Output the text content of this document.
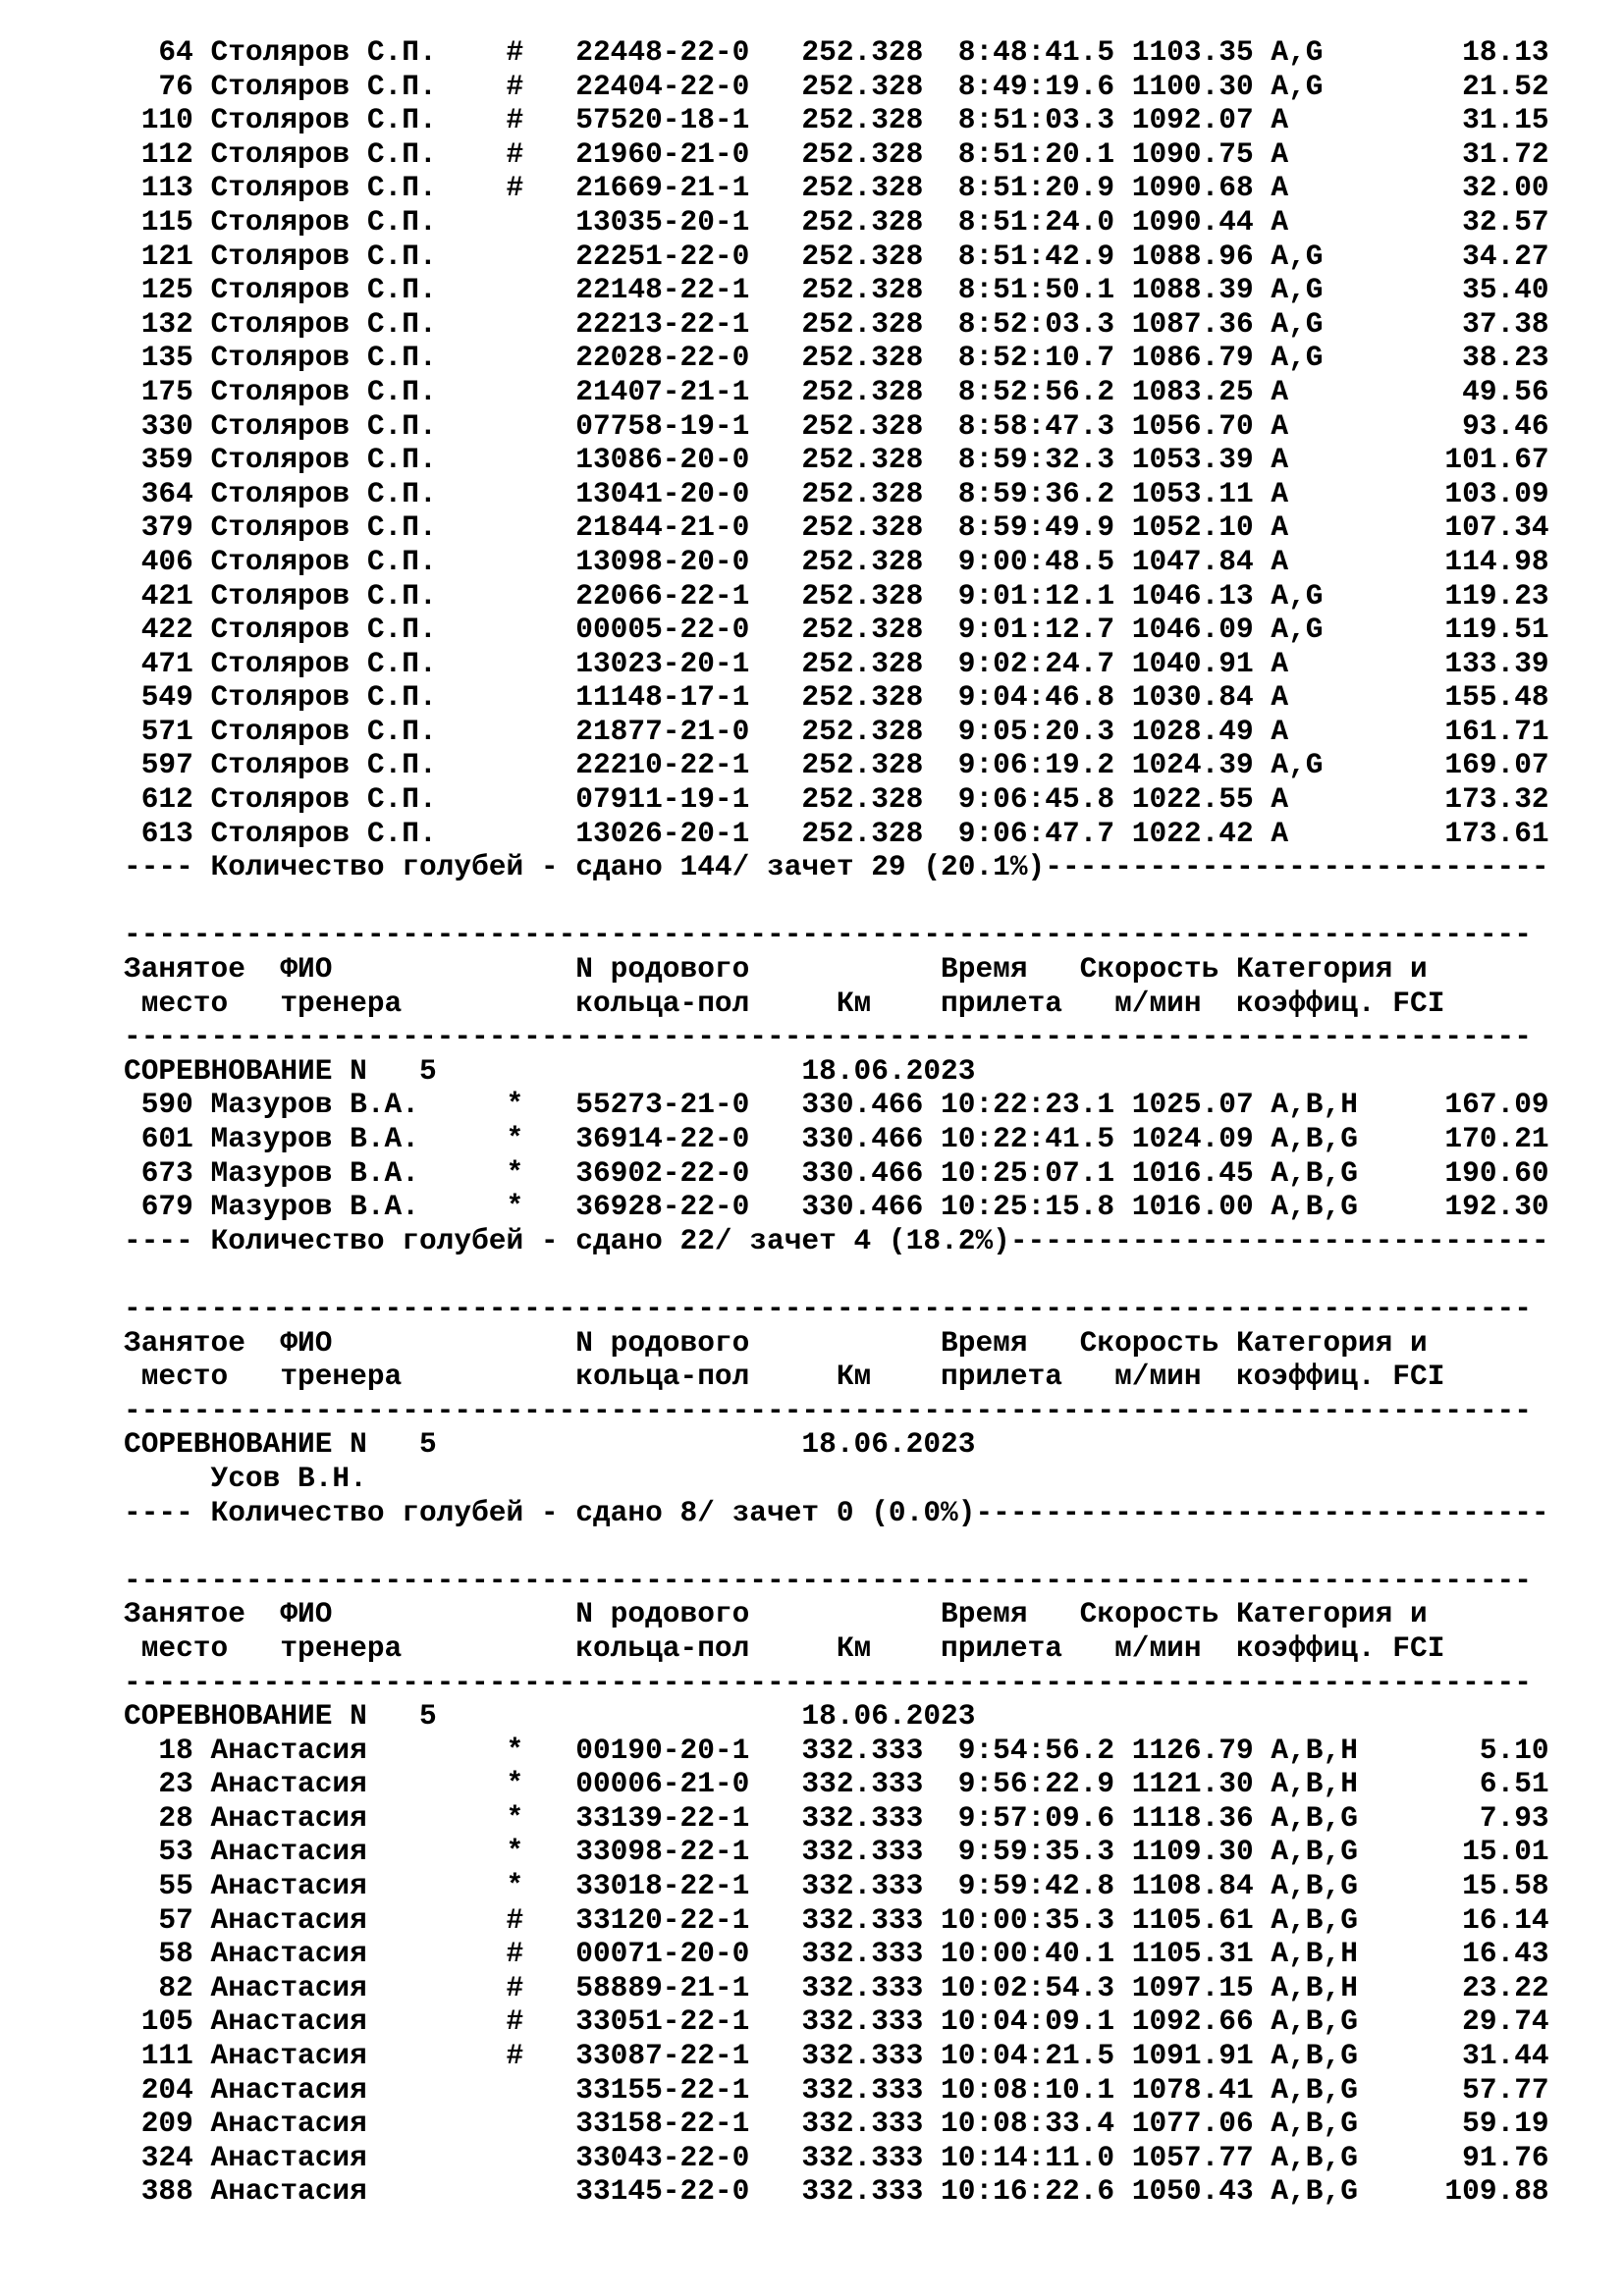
64 Столяров С.П.    #   22448-22-0   252.328  8:48:41.5 1103.35 A,G        18.13
76 Столяров С.П.    #   22404-22-0   252.328  8:49:19.6 1100.30 A,G        21.52
110 Столяров С.П.    #   57520-18-1   252.328  8:51:03.3 1092.07 A          31.15
112 Столяров С.П.    #   21960-21-0   252.328  8:51:20.1 1090.75 A          31.72
113 Столяров С.П.    #   21669-21-1   252.328  8:51:20.9 1090.68 A          32.00
115 Столяров С.П.        13035-20-1   252.328  8:51:24.0 1090.44 A          32.57
121 Столяров С.П.        22251-22-0   252.328  8:51:42.9 1088.96 A,G        34.27
125 Столяров С.П.        22148-22-1   252.328  8:51:50.1 1088.39 A,G        35.40
132 Столяров С.П.        22213-22-1   252.328  8:52:03.3 1087.36 A,G        37.38
135 Столяров С.П.        22028-22-0   252.328  8:52:10.7 1086.79 A,G        38.23
175 Столяров С.П.        21407-21-1   252.328  8:52:56.2 1083.25 A          49.56
330 Столяров С.П.        07758-19-1   252.328  8:58:47.3 1056.70 A          93.46
359 Столяров С.П.        13086-20-0   252.328  8:59:32.3 1053.39 A         101.67
364 Столяров С.П.        13041-20-0   252.328  8:59:36.2 1053.11 A         103.09
379 Столяров С.П.        21844-21-0   252.328  8:59:49.9 1052.10 A         107.34
406 Столяров С.П.        13098-20-0   252.328  9:00:48.5 1047.84 A         114.98
421 Столяров С.П.        22066-22-1   252.328  9:01:12.1 1046.13 A,G       119.23
422 Столяров С.П.        00005-22-0   252.328  9:01:12.7 1046.09 A,G       119.51
471 Столяров С.П.        13023-20-1   252.328  9:02:24.7 1040.91 A         133.39
549 Столяров С.П.        11148-17-1   252.328  9:04:46.8 1030.84 A         155.48
571 Столяров С.П.        21877-21-0   252.328  9:05:20.3 1028.49 A         161.71
597 Столяров С.П.        22210-22-1   252.328  9:06:19.2 1024.39 A,G       169.07
612 Столяров С.П.        07911-19-1   252.328  9:06:45.8 1022.55 A         173.32
613 Столяров С.П.        13026-20-1   252.328  9:06:47.7 1022.42 A         173.61
---- Количество голубей - сдано 144/ зачет 29 (20.1%)-----------------------------
---------------------------------------------------------------------------------
Занятое  ФИО              N родового           Время   Скорость Категория и
место   тренера          кольца-пол     Км    прилета   м/мин  коэффиц. FCI
---------------------------------------------------------------------------------
СОРЕВНОВАНИЕ N   5                     18.06.2023
590 Мазуров В.А.     *   55273-21-0   330.466 10:22:23.1 1025.07 A,B,H     167.09
601 Мазуров В.А.     *   36914-22-0   330.466 10:22:41.5 1024.09 A,B,G     170.21
673 Мазуров В.А.     *   36902-22-0   330.466 10:25:07.1 1016.45 A,B,G     190.60
679 Мазуров В.А.     *   36928-22-0   330.466 10:25:15.8 1016.00 A,B,G     192.30
---- Количество голубей - сдано 22/ зачет 4 (18.2%)-------------------------------
---------------------------------------------------------------------------------
Занятое  ФИО              N родового           Время   Скорость Категория и
место   тренера          кольца-пол     Км    прилета   м/мин  коэффиц. FCI
---------------------------------------------------------------------------------
СОРЕВНОВАНИЕ N   5                     18.06.2023
Усов В.Н.
---- Количество голубей - сдано 8/ зачет 0 (0.0%)---------------------------------
---------------------------------------------------------------------------------
Занятое  ФИО              N родового           Время   Скорость Категория и
место   тренера          кольца-пол     Км    прилета   м/мин  коэффиц. FCI
---------------------------------------------------------------------------------
СОРЕВНОВАНИЕ N   5                     18.06.2023
18 Анастасия        *   00190-20-1   332.333  9:54:56.2 1126.79 A,B,H       5.10
23 Анастасия        *   00006-21-0   332.333  9:56:22.9 1121.30 A,B,H       6.51
28 Анастасия        *   33139-22-1   332.333  9:57:09.6 1118.36 A,B,G       7.93
53 Анастасия        *   33098-22-1   332.333  9:59:35.3 1109.30 A,B,G      15.01
55 Анастасия        *   33018-22-1   332.333  9:59:42.8 1108.84 A,B,G      15.58
57 Анастасия        #   33120-22-1   332.333 10:00:35.3 1105.61 A,B,G      16.14
58 Анастасия        #   00071-20-0   332.333 10:00:40.1 1105.31 A,B,H      16.43
82 Анастасия        #   58889-21-1   332.333 10:02:54.3 1097.15 A,B,H      23.22
105 Анастасия        #   33051-22-1   332.333 10:04:09.1 1092.66 A,B,G      29.74
111 Анастасия        #   33087-22-1   332.333 10:04:21.5 1091.91 A,B,G      31.44
204 Анастасия            33155-22-1   332.333 10:08:10.1 1078.41 A,B,G      57.77
209 Анастасия            33158-22-1   332.333 10:08:33.4 1077.06 A,B,G      59.19
324 Анастасия            33043-22-0   332.333 10:14:11.0 1057.77 A,B,G      91.76
388 Анастасия            33145-22-0   332.333 10:16:22.6 1050.43 A,B,G     109.88
